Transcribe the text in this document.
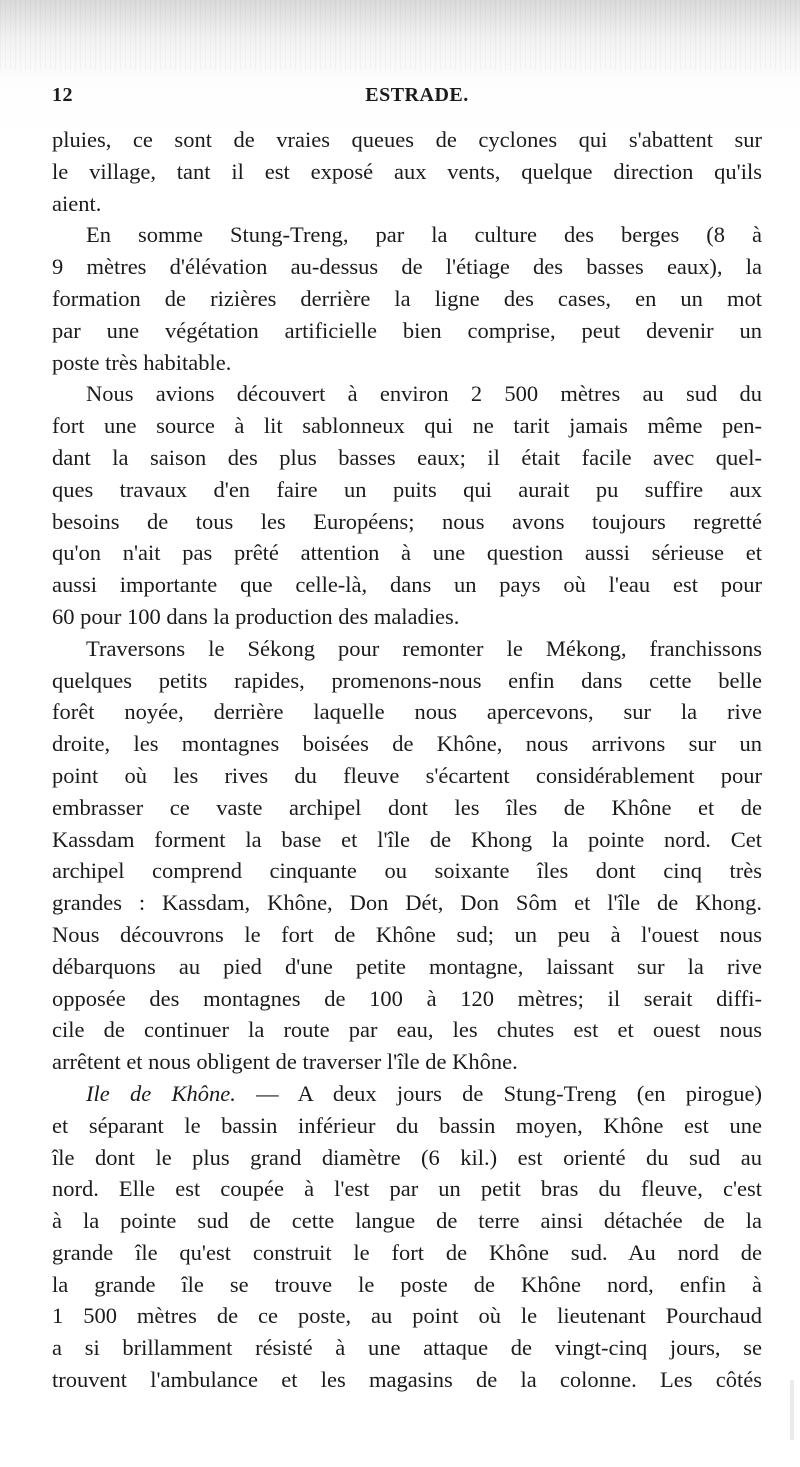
12	ESTRADE.
pluies, ce sont de vraies queues de cyclones qui s'abattent sur
le village, tant il est exposé aux vents, quelque direction qu'ils
aient.
En somme Stung-Treng, par la culture des berges (8 à
9 mètres d'élévation au-dessus de l'étiage des basses eaux), la
formation de rizières derrière la ligne des cases, en un mot
par une végétation artificielle bien comprise, peut devenir un
poste très habitable.
Nous avions découvert à environ 2 500 mètres au sud du
fort une source à lit sablonneux qui ne tarit jamais même pen-
dant la saison des plus basses eaux; il était facile avec quel-
ques travaux d'en faire un puits qui aurait pu suffire aux
besoins de tous les Européens; nous avons toujours regretté
qu'on n'ait pas prêté attention à une question aussi sérieuse et
aussi importante que celle-là, dans un pays où l'eau est pour
60 pour 100 dans la production des maladies.
Traversons le Sékong pour remonter le Mékong, franchissons
quelques petits rapides, promenons-nous enfin dans cette belle
forêt noyée, derrière laquelle nous apercevons, sur la rive
droite, les montagnes boisées de Khône, nous arrivons sur un
point où les rives du fleuve s'écartent considérablement pour
embrasser ce vaste archipel dont les îles de Khône et de
Kassdam forment la base et l'île de Khong la pointe nord. Cet
archipel comprend cinquante ou soixante îles dont cinq très
grandes : Kassdam, Khône, Don Dét, Don Sôm et l'île de Khong.
Nous découvrons le fort de Khône sud; un peu à l'ouest nous
débarquons au pied d'une petite montagne, laissant sur la rive
opposée des montagnes de 100 à 120 mètres; il serait diffi-
cile de continuer la route par eau, les chutes est et ouest nous
arrêtent et nous obligent de traverser l'île de Khône.
Ile de Khône. — A deux jours de Stung-Treng (en pirogue)
et séparant le bassin inférieur du bassin moyen, Khône est une
île dont le plus grand diamètre (6 kil.) est orienté du sud au
nord. Elle est coupée à l'est par un petit bras du fleuve, c'est
à la pointe sud de cette langue de terre ainsi détachée de la
grande île qu'est construit le fort de Khône sud. Au nord de
la grande île se trouve le poste de Khône nord, enfin à
1 500 mètres de ce poste, au point où le lieutenant Pourchaud
a si brillamment résisté à une attaque de vingt-cinq jours, se
trouvent l'ambulance et les magasins de la colonne. Les côtés
